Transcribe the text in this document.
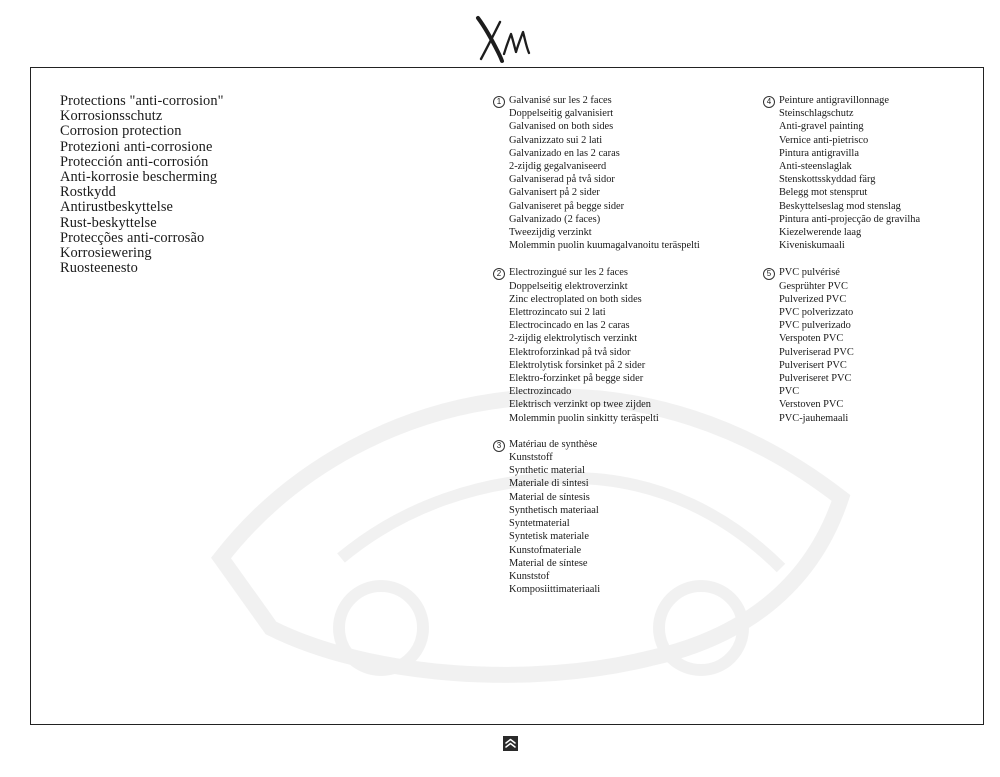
Protections "anti-corrosion"
Korrosionsschutz
Corrosion protection
Protezioni anti-corrosione
Protección anti-corrosión
Anti-korrosie bescherming
Rostkydd
Antirustbeskyttelse
Rust-beskyttelse
Protecções anti-corrosão
Korrosiewering
Ruosteenesto
1 Galvanisé sur les 2 faces
Doppelseitig galvanisiert
Galvanised on both sides
Galvanizzato sui 2 lati
Galvanizado en las 2 caras
2-zijdig gegalvaniseerd
Galvaniserad på två sidor
Galvanisert på 2 sider
Galvaniseret på begge sider
Galvanizado (2 faces)
Tweezijdig verzinkt
Molemmin puolin kuumagalvanoitu teräspelti
2 Electrozingué sur les 2 faces
Doppelseitig elektroverzinkt
Zinc electroplated on both sides
Elettrozincato sui 2 lati
Electrocincado en las 2 caras
2-zijdig elektrolytisch verzinkt
Elektroforzinkad på två sidor
Elektrolytisk forsinket på 2 sider
Elektro-forzinket på begge sider
Electrozincado
Elektrisch verzinkt op twee zijden
Molemmin puolin sinkitty teräspelti
3 Matériau de synthèse
Kunststoff
Synthetic material
Materiale di sintesi
Material de síntesis
Synthetisch materiaal
Syntetmaterial
Syntetisk materiale
Kunstofmateriale
Material de síntese
Kunststof
Komposiittimateriaali
4 Peinture antigravillonnage
Steinschlagschutz
Anti-gravel painting
Vernice anti-pietrisco
Pintura antigravilla
Anti-steenslaglak
Stenskottsskyddad färg
Belegg mot stensprut
Beskyttelseslag mod stenslag
Pintura anti-projecção de gravilha
Kiezelwerende laag
Kiveniskumaali
5 PVC pulvérisé
Gesprühter PVC
Pulverized PVC
PVC polverizzato
PVC pulverizado
Verspoten PVC
Pulveriserad PVC
Pulverisert PVC
Pulveriseret PVC
PVC
Verstoven PVC
PVC-jauhemaali
